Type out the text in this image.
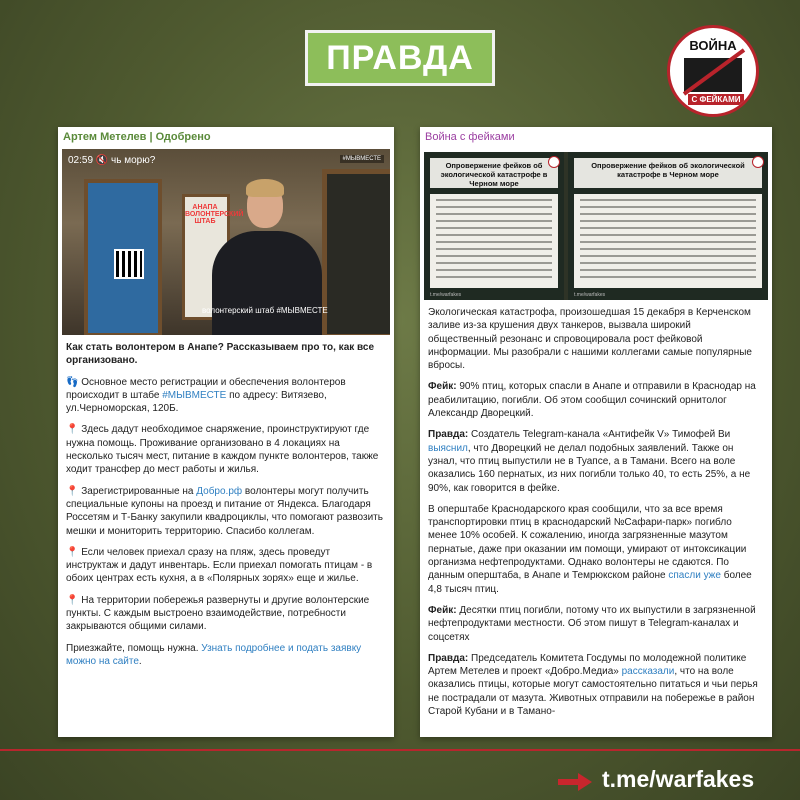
ПРАВДА	ВОЙНА
С ФЕЙКАМИ
Артем Метелев | Одобрено
АНАПА ВОЛОНТЕРСКИЙ ШТАБ
02:59 🔇 чь морю?	#МЫВМЕСТЕ
волонтерский штаб #МЫВМЕСТЕ

Как стать волонтером в Анапе? Рассказываем про то, как все организовано.

👣 Основное место регистрации и обеспечения волонтеров происходит в штабе #МЫВМЕСТЕ по адресу: Витязево, ул.Черноморская, 120Б.

📍 Здесь дадут необходимое снаряжение, проинструктируют где нужна помощь. Проживание организовано в 4 локациях на несколько тысяч мест, питание в каждом пункте волонтеров, также ходит трансфер до мест работы и жилья.

📍 Зарегистрированные на Добро.рф волонтеры могут получить специальные купоны на проезд и питание от Яндекса. Благодаря Россетям и Т-Банку закупили квадроциклы, что помогают развозить мешки и мониторить территорию. Спасибо коллегам.

📍 Если человек приехал сразу на пляж, здесь проведут инструктаж и дадут инвентарь. Если приехал помогать птицам - в обоих центрах есть кухня, а в «Полярных зорях» еще и жилье.

📍 На территории побережья развернуты и другие волонтерские пункты. С каждым выстроено взаимодействие, потребности закрываются общими силами.

Приезжайте, помощь нужна. Узнать подробнее и подать заявку можно на сайте.

Война с фейками
Опровержение фейков об экологической катастрофе в Черном море
t.me/warfakes
Опровержение фейков об экологической катастрофе в Черном море
t.me/warfakes

Экологическая катастрофа, произошедшая 15 декабря в Керченском заливе из-за крушения двух танкеров, вызвала широкий общественный резонанс и спровоцировала рост фейковой информации. Мы разобрали с нашими коллегами самые популярные вбросы.

Фейк: 90% птиц, которых спасли в Анапе и отправили в Краснодар на реабилитацию, погибли. Об этом сообщил сочинский орнитолог Александр Дворецкий.

Правда: Создатель Telegram-канала «Антифейк V» Тимофей Ви выяснил, что Дворецкий не делал подобных заявлений. Также он узнал, что птиц выпустили не в Туапсе, а в Тамани. Всего на воле оказались 160 пернатых, из них погибли только 40, то есть 25%, а не 90%, как говорится в фейке.

В оперштабе Краснодарского края сообщили, что за все время транспортировки птиц в краснодарский №Сафари-парк» погибло менее 10% особей. К сожалению, иногда загрязненные мазутом пернатые, даже при оказании им помощи, умирают от интоксикации организма нефтепродуктами. Однако волонтеры не сдаются. По данным оперштаба, в Анапе и Темрюкском районе спасли уже более 4,8 тысяч птиц.

Фейк: Десятки птиц погибли, потому что их выпустили в загрязненной нефтепродуктами местности. Об этом пишут в Telegram-каналах и соцсетях

Правда: Председатель Комитета Госдумы по молодежной политике Артем Метелев и проект «Добро.Медиа» рассказали, что на воле оказались птицы, которые могут самостоятельно питаться и чьи перья не пострадали от мазута. Животных отправили на побережье в район Старой Кубани и в Тамано-

t.me/warfakes
